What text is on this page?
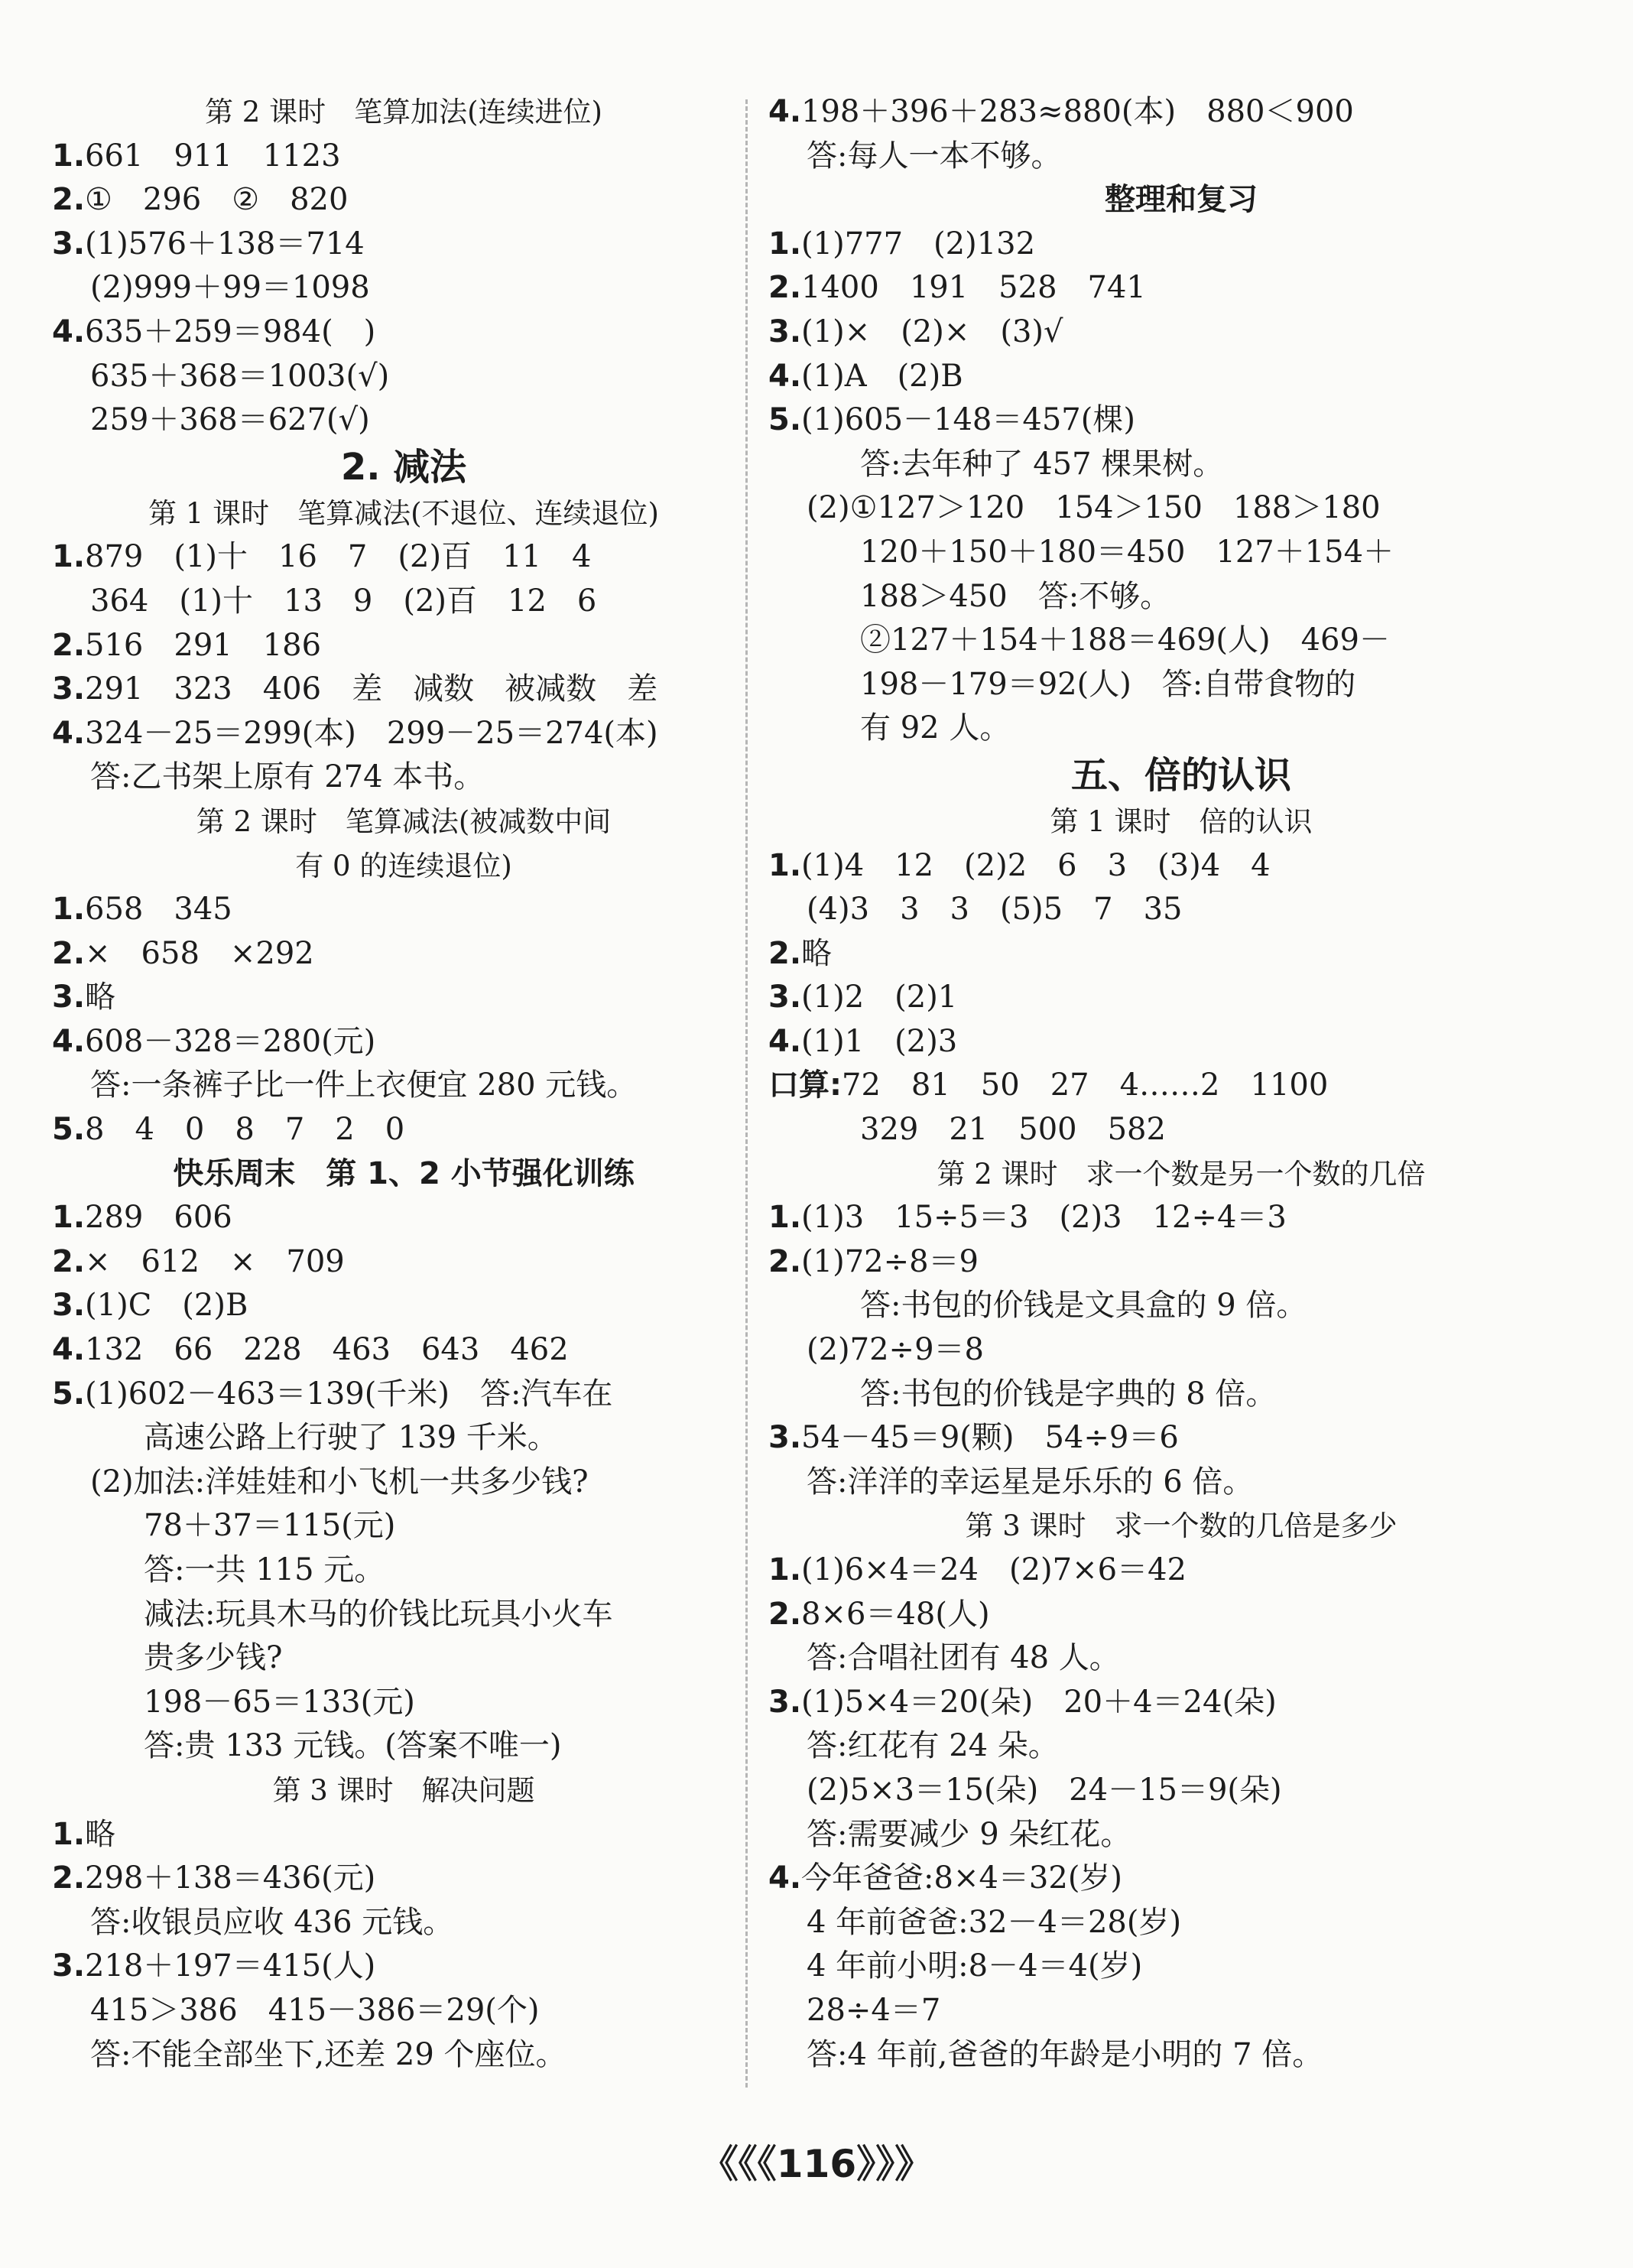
第 2 课时　笔算加法(连续进位)
1.661　911　1123
2.①　296　②　820
3.(1)576＋138＝714
(2)999＋99＝1098
4.635＋259＝984(　)
635＋368＝1003(√)
259＋368＝627(√)
2. 减法
第 1 课时　笔算减法(不退位、连续退位)
1.879　(1)十　16　7　(2)百　11　4
364　(1)十　13　9　(2)百　12　6
2.516　291　186
3.291　323　406　差　减数　被减数　差
4.324－25＝299(本)　299－25＝274(本)
答:乙书架上原有 274 本书。
第 2 课时　笔算减法(被减数中间
有 0 的连续退位)
1.658　345
2.×　658　×292
3.略
4.608－328＝280(元)
答:一条裤子比一件上衣便宜 280 元钱。
5.8　4　0　8　7　2　0
快乐周末　第 1、2 小节强化训练
1.289　606
2.×　612　×　709
3.(1)C　(2)B
4.132　66　228　463　643　462
5.(1)602－463＝139(千米)　答:汽车在
高速公路上行驶了 139 千米。
(2)加法:洋娃娃和小飞机一共多少钱?
78＋37＝115(元)
答:一共 115 元。
减法:玩具木马的价钱比玩具小火车
贵多少钱?
198－65＝133(元)
答:贵 133 元钱。(答案不唯一)
第 3 课时　解决问题
1.略
2.298＋138＝436(元)
答:收银员应收 436 元钱。
3.218＋197＝415(人)
415＞386　415－386＝29(个)
答:不能全部坐下,还差 29 个座位。
4.198＋396＋283≈880(本)　880＜900
答:每人一本不够。
整理和复习
1.(1)777　(2)132
2.1400　191　528　741
3.(1)×　(2)×　(3)√
4.(1)A　(2)B
5.(1)605－148＝457(棵)
答:去年种了 457 棵果树。
(2)①127＞120　154＞150　188＞180
120＋150＋180＝450　127＋154＋
188＞450　答:不够。
②127＋154＋188＝469(人)　469－
198－179＝92(人)　答:自带食物的
有 92 人。
五、倍的认识
第 1 课时　倍的认识
1.(1)4　12　(2)2　6　3　(3)4　4
(4)3　3　3　(5)5　7　35
2.略
3.(1)2　(2)1
4.(1)1　(2)3
口算:72　81　50　27　4……2　1100
329　21　500　582
第 2 课时　求一个数是另一个数的几倍
1.(1)3　15÷5＝3　(2)3　12÷4＝3
2.(1)72÷8＝9
答:书包的价钱是文具盒的 9 倍。
(2)72÷9＝8
答:书包的价钱是字典的 8 倍。
3.54－45＝9(颗)　54÷9＝6
答:洋洋的幸运星是乐乐的 6 倍。
第 3 课时　求一个数的几倍是多少
1.(1)6×4＝24　(2)7×6＝42
2.8×6＝48(人)
答:合唱社团有 48 人。
3.(1)5×4＝20(朵)　20＋4＝24(朵)
答:红花有 24 朵。
(2)5×3＝15(朵)　24－15＝9(朵)
答:需要减少 9 朵红花。
4.今年爸爸:8×4＝32(岁)
4 年前爸爸:32－4＝28(岁)
4 年前小明:8－4＝4(岁)
28÷4＝7
答:4 年前,爸爸的年龄是小明的 7 倍。
《《《116》》》
